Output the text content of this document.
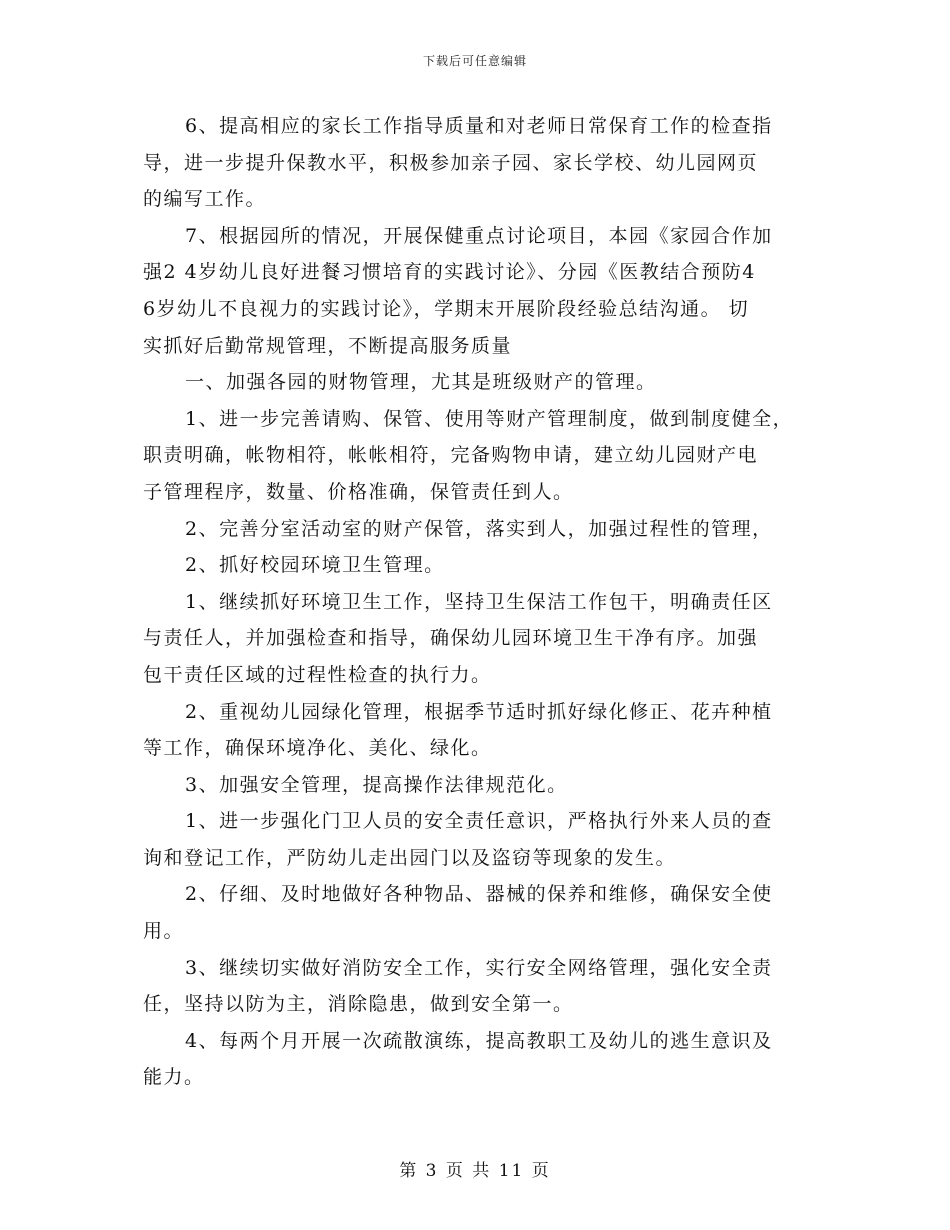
下载后可任意编辑
6、提高相应的家长工作指导质量和对老师日常保育工作的检查指
导，进一步提升保教水平，积极参加亲子园、家长学校、幼儿园网页
的编写工作。
7、根据园所的情况，开展保健重点讨论项目，本园《家园合作加
强2 4岁幼儿良好进餐习惯培育的实践讨论》、分园《医教结合预防4
6岁幼儿不良视力的实践讨论》，学期末开展阶段经验总结沟通。 切
实抓好后勤常规管理，不断提高服务质量
一、加强各园的财物管理，尤其是班级财产的管理。
1、进一步完善请购、保管、使用等财产管理制度，做到制度健全，
职责明确，帐物相符，帐帐相符，完备购物申请，建立幼儿园财产电
子管理程序，数量、价格准确，保管责任到人。
2、完善分室活动室的财产保管，落实到人，加强过程性的管理，
2、抓好校园环境卫生管理。
1、继续抓好环境卫生工作，坚持卫生保洁工作包干，明确责任区
与责任人，并加强检查和指导，确保幼儿园环境卫生干净有序。加强
包干责任区域的过程性检查的执行力。
2、重视幼儿园绿化管理，根据季节适时抓好绿化修正、花卉种植
等工作，确保环境净化、美化、绿化。
3、加强安全管理，提高操作法律规范化。
1、进一步强化门卫人员的安全责任意识，严格执行外来人员的查
询和登记工作，严防幼儿走出园门以及盗窃等现象的发生。
2、仔细、及时地做好各种物品、器械的保养和维修，确保安全使
用。
3、继续切实做好消防安全工作，实行安全网络管理，强化安全责
任，坚持以防为主，消除隐患，做到安全第一。
4、每两个月开展一次疏散演练，提高教职工及幼儿的逃生意识及
能力。
第 3 页 共 11 页
